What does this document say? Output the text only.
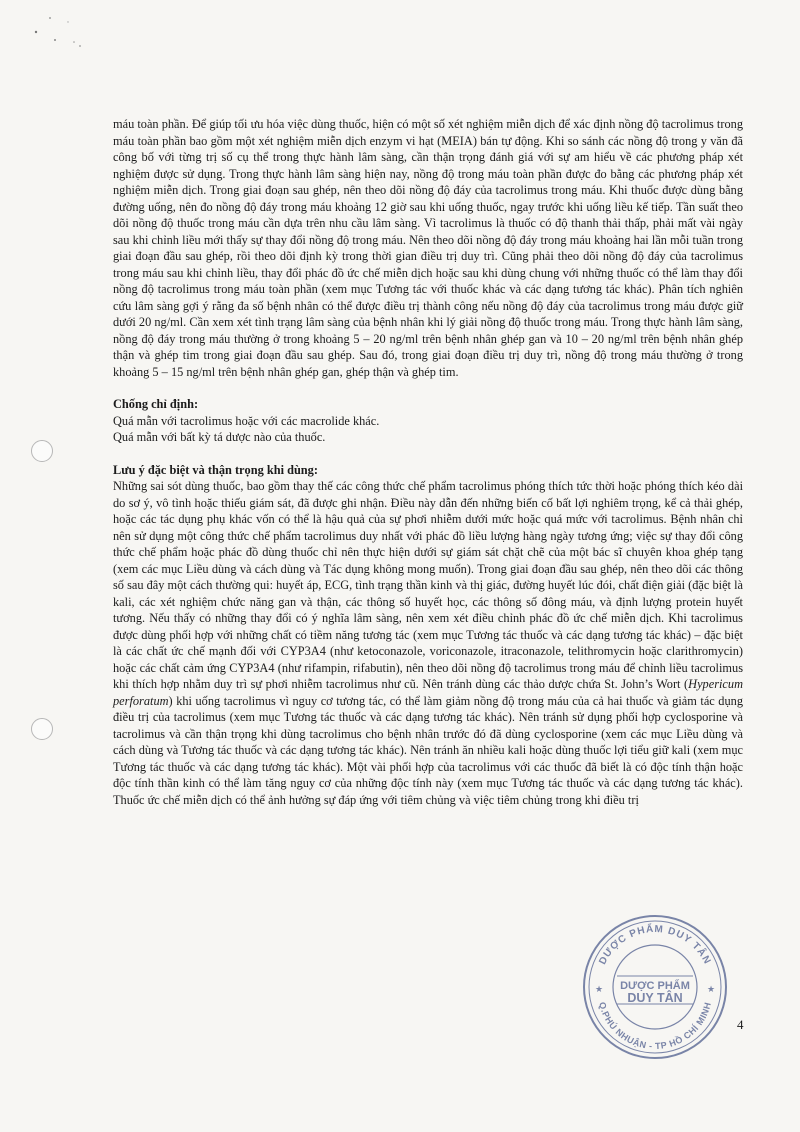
máu toàn phần. Để giúp tối ưu hóa việc dùng thuốc, hiện có một số xét nghiệm miễn dịch để xác định nồng độ tacrolimus trong máu toàn phần bao gồm một xét nghiệm miễn dịch enzym vi hạt (MEIA) bán tự động. Khi so sánh các nồng độ trong y văn đã công bố với từng trị số cụ thể trong thực hành lâm sàng, cần thận trọng đánh giá với sự am hiểu về các phương pháp xét nghiệm được sử dụng. Trong thực hành lâm sàng hiện nay, nồng độ trong máu toàn phần được đo bằng các phương pháp xét nghiệm miễn dịch. Trong giai đoạn sau ghép, nên theo dõi nồng độ đáy của tacrolimus trong máu. Khi thuốc được dùng bằng đường uống, nên đo nồng độ đáy trong máu khoảng 12 giờ sau khi uống thuốc, ngay trước khi uống liều kế tiếp. Tần suất theo dõi nồng độ thuốc trong máu cần dựa trên nhu cầu lâm sàng. Vì tacrolimus là thuốc có độ thanh thải thấp, phải mất vài ngày sau khi chỉnh liều mới thấy sự thay đổi nồng độ trong máu. Nên theo dõi nồng độ đáy trong máu khoảng hai lần mỗi tuần trong giai đoạn đầu sau ghép, rồi theo dõi định kỳ trong thời gian điều trị duy trì. Cũng phải theo dõi nồng độ đáy của tacrolimus trong máu sau khi chỉnh liều, thay đổi phác đồ ức chế miễn dịch hoặc sau khi dùng chung với những thuốc có thể làm thay đổi nồng độ tacrolimus trong máu toàn phần (xem mục Tương tác với thuốc khác và các dạng tương tác khác). Phân tích nghiên cứu lâm sàng gợi ý rằng đa số bệnh nhân có thể được điều trị thành công nếu nồng độ đáy của tacrolimus trong máu được giữ dưới 20 ng/ml. Cần xem xét tình trạng lâm sàng của bệnh nhân khi lý giải nồng độ thuốc trong máu. Trong thực hành lâm sàng, nồng độ đáy trong máu thường ở trong khoảng 5 – 20 ng/ml trên bệnh nhân ghép gan và 10 – 20 ng/ml trên bệnh nhân ghép thận và ghép tim trong giai đoạn đầu sau ghép. Sau đó, trong giai đoạn điều trị duy trì, nồng độ trong máu thường ở trong khoảng 5 – 15 ng/ml trên bệnh nhân ghép gan, ghép thận và ghép tim.

Chống chỉ định:

Quá mẫn với tacrolimus hoặc với các macrolide khác.

Quá mẫn với bất kỳ tá dược nào của thuốc.

Lưu ý đặc biệt và thận trọng khi dùng:

Những sai sót dùng thuốc, bao gồm thay thế các công thức chế phẩm tacrolimus phóng thích tức thời hoặc phóng thích kéo dài do sơ ý, vô tình hoặc thiếu giám sát, đã được ghi nhận. Điều này dẫn đến những biến cố bất lợi nghiêm trọng, kể cả thải ghép, hoặc các tác dụng phụ khác vốn có thể là hậu quả của sự phơi nhiễm dưới mức hoặc quá mức với tacrolimus. Bệnh nhân chỉ nên sử dụng một công thức chế phẩm tacrolimus duy nhất với phác đồ liều lượng hàng ngày tương ứng; việc sự thay đổi công thức chế phẩm hoặc phác đồ dùng thuốc chỉ nên thực hiện dưới sự giám sát chặt chẽ của một bác sĩ chuyên khoa ghép tạng (xem các mục Liều dùng và cách dùng và Tác dụng không mong muốn). Trong giai đoạn đầu sau ghép, nên theo dõi các thông số sau đây một cách thường qui: huyết áp, ECG, tình trạng thần kinh và thị giác, đường huyết lúc đói, chất điện giải (đặc biệt là kali, các xét nghiệm chức năng gan và thận, các thông số huyết học, các thông số đông máu, và định lượng protein huyết tương. Nếu thấy có những thay đổi có ý nghĩa lâm sàng, nên xem xét điều chỉnh phác đồ ức chế miễn dịch. Khi tacrolimus được dùng phối hợp với những chất có tiềm năng tương tác (xem mục Tương tác thuốc và các dạng tương tác khác) – đặc biệt là các chất ức chế mạnh đối với CYP3A4 (như ketoconazole, voriconazole, itraconazole, telithromycin hoặc clarithromycin) hoặc các chất cảm ứng CYP3A4 (như rifampin, rifabutin), nên theo dõi nồng độ tacrolimus trong máu để chỉnh liều tacrolimus khi thích hợp nhằm duy trì sự phơi nhiễm tacrolimus như cũ. Nên tránh dùng các thảo dược chứa St. John’s Wort (Hypericum perforatum) khi uống tacrolimus vì nguy cơ tương tác, có thể làm giảm nồng độ trong máu của cả hai thuốc và giảm tác dụng điều trị của tacrolimus (xem mục Tương tác thuốc và các dạng tương tác khác). Nên tránh sử dụng phối hợp cyclosporine và tacrolimus và cần thận trọng khi dùng tacrolimus cho bệnh nhân trước đó đã dùng cyclosporine (xem các mục Liều dùng và cách dùng và Tương tác thuốc và các dạng tương tác khác). Nên tránh ăn nhiều kali hoặc dùng thuốc lợi tiểu giữ kali (xem mục Tương tác thuốc và các dạng tương tác khác). Một vài phối hợp của tacrolimus với các thuốc đã biết là có độc tính thận hoặc độc tính thần kinh có thể làm tăng nguy cơ của những độc tính này (xem mục Tương tác thuốc và các dạng tương tác khác). Thuốc ức chế miễn dịch có thể ảnh hưởng sự đáp ứng với tiêm chủng và việc tiêm chủng trong khi điều trị

4
DƯỢC PHẨM DUY TÂN
Q.PHÚ NHUẬN - TP HỒ CHÍ MINH
DƯỢC PHẨM
DUY TÂN
★	★
